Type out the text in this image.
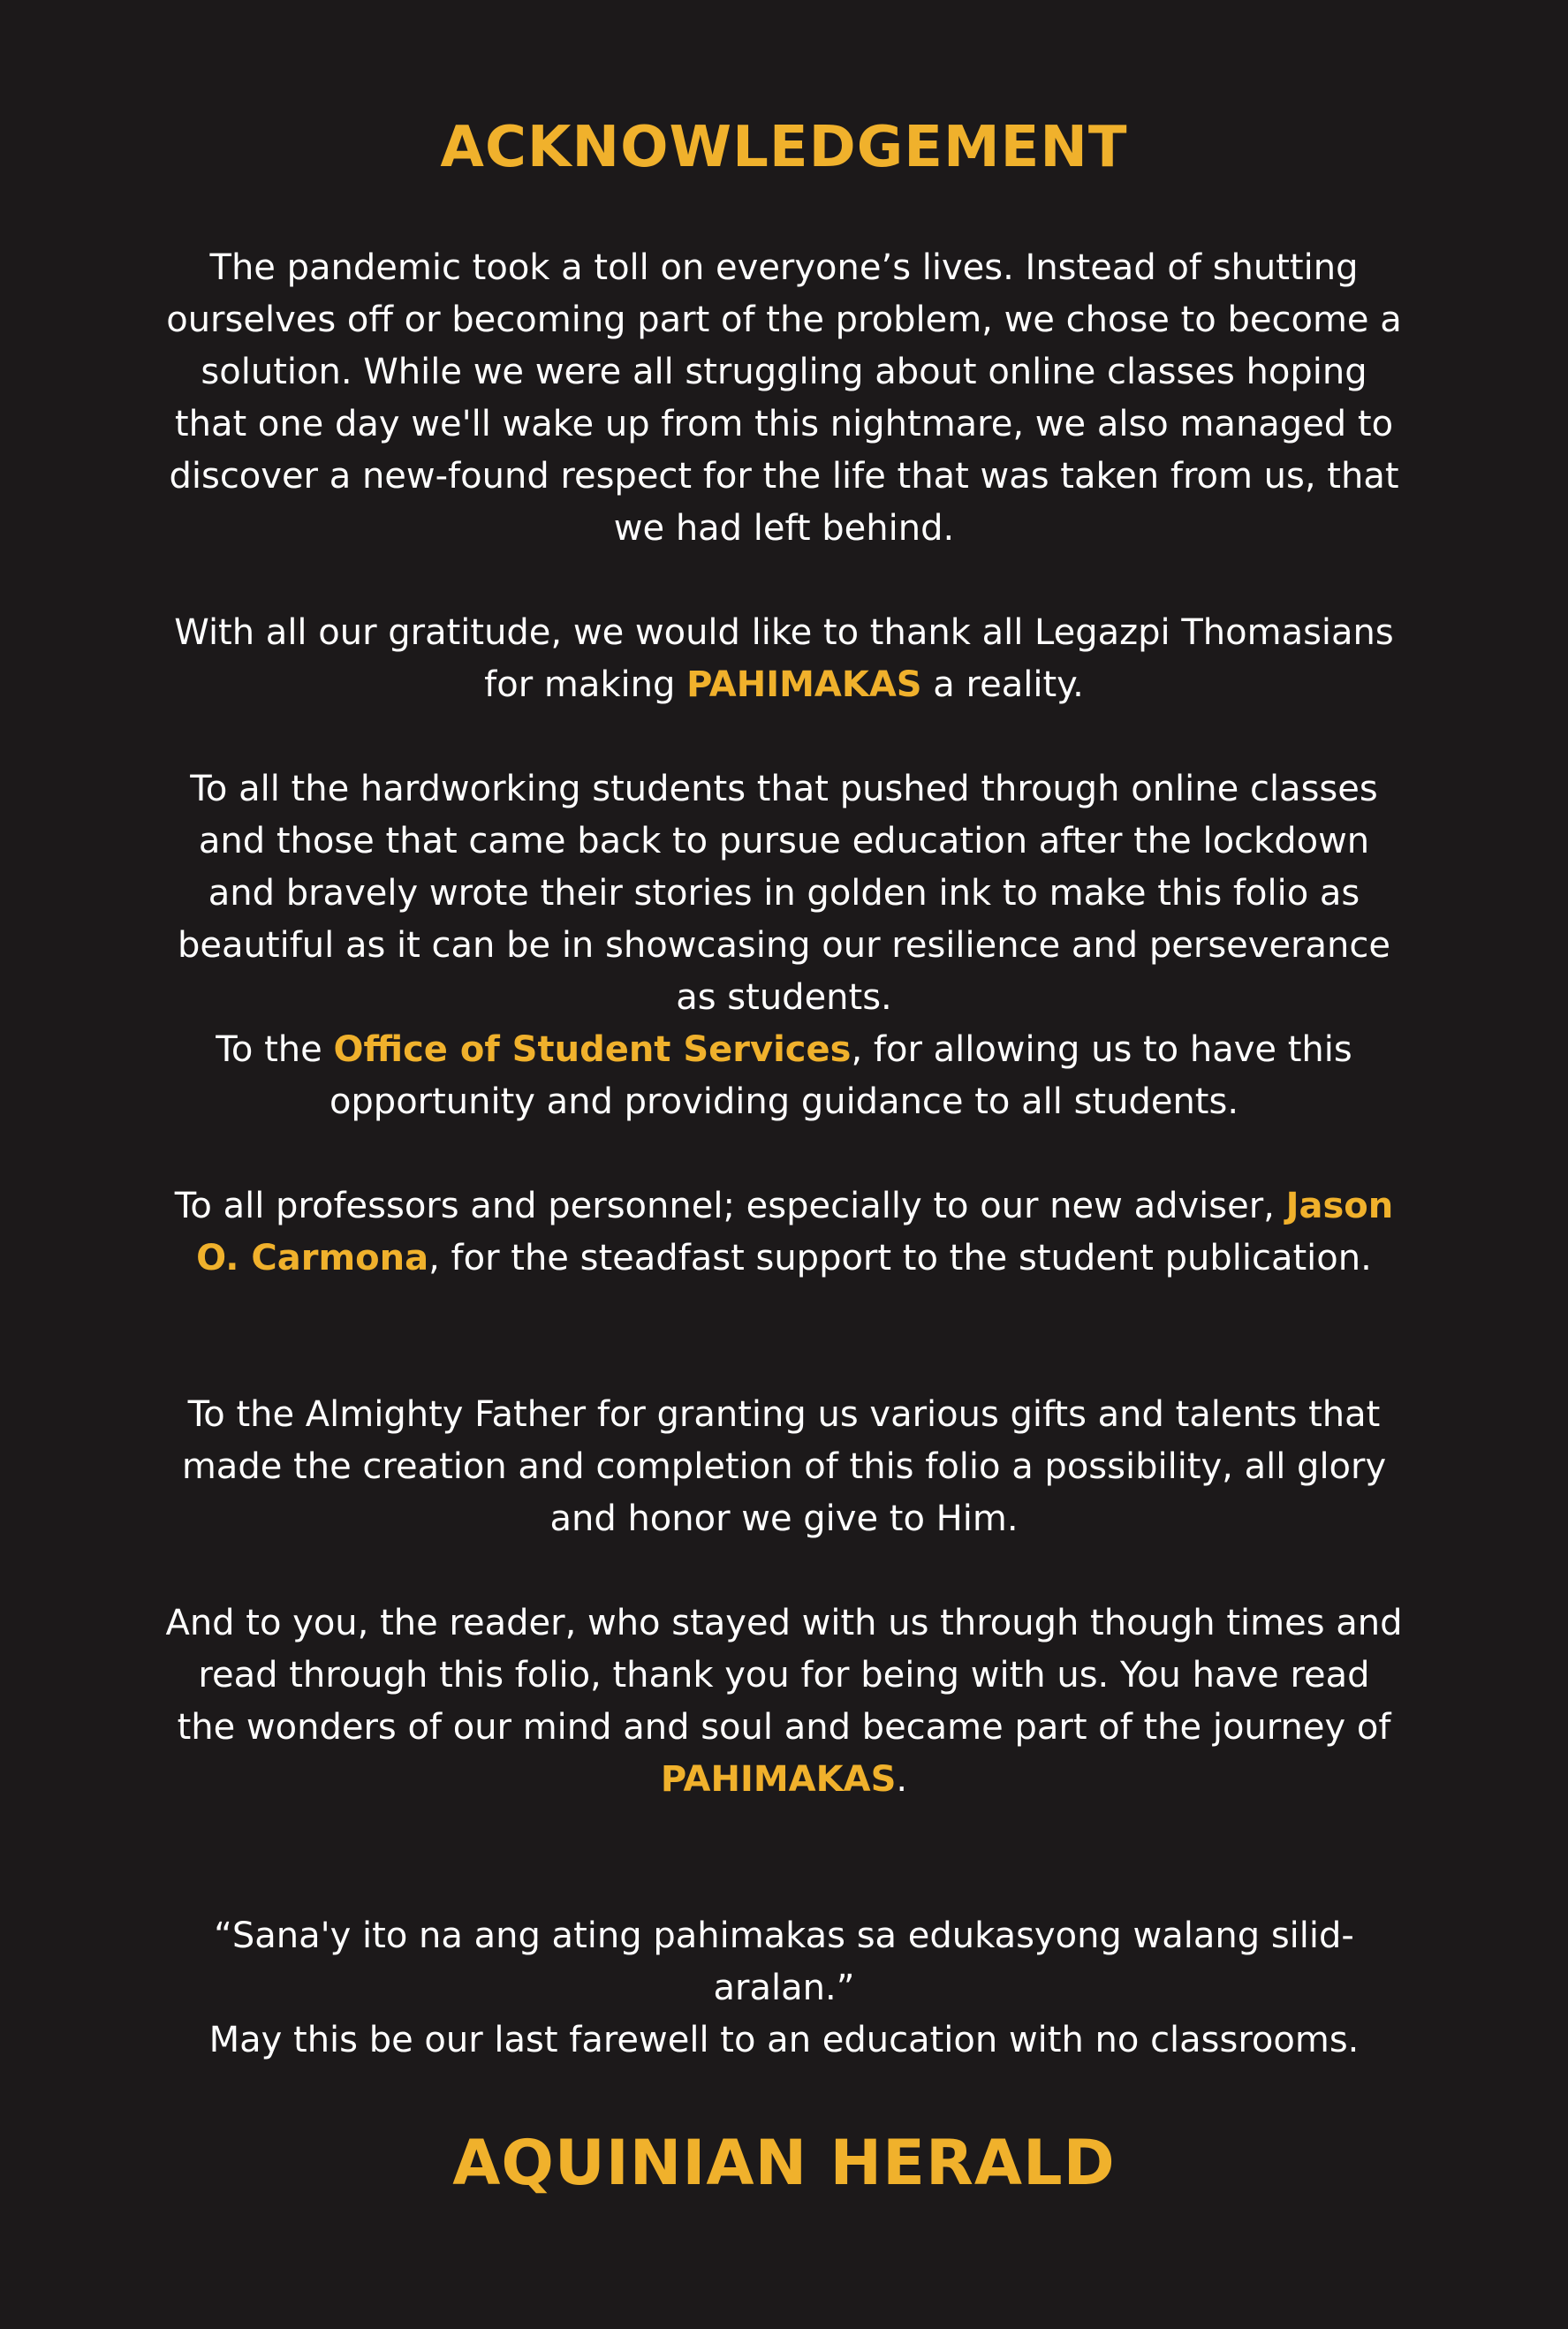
ACKNOWLEDGEMENT

The pandemic took a toll on everyone’s lives. Instead of shutting ourselves off or becoming part of the problem, we chose to become a solution. While we were all struggling about online classes hoping that one day we'll wake up from this nightmare, we also managed to discover a new-found respect for the life that was taken from us, that we had left behind.

With all our gratitude, we would like to thank all Legazpi Thomasians for making PAHIMAKAS a reality.

To all the hardworking students that pushed through online classes and those that came back to pursue education after the lockdown and bravely wrote their stories in golden ink to make this folio as beautiful as it can be in showcasing our resilience and perseverance as students.

To the Office of Student Services, for allowing us to have this opportunity and providing guidance to all students.

To all professors and personnel; especially to our new adviser, Jason O. Carmona, for the steadfast support to the student publication.

To the Almighty Father for granting us various gifts and talents that made the creation and completion of this folio a possibility, all glory and honor we give to Him.

And to you, the reader, who stayed with us through though times and read through this folio, thank you for being with us. You have read the wonders of our mind and soul and became part of the journey of PAHIMAKAS.

“Sana'y ito na ang ating pahimakas sa edukasyong walang silid-aralan.”
May this be our last farewell to an education with no classrooms.

AQUINIAN HERALD
